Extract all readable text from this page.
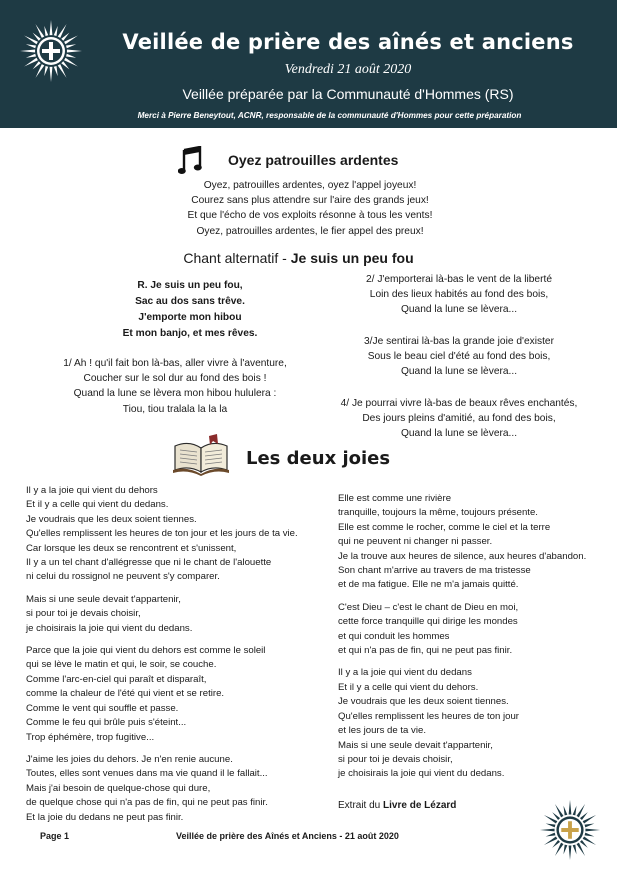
Veillée de prière des aînés et anciens
Vendredi 21 août 2020
Veillée préparée par la Communauté d'Hommes (RS)
Merci à Pierre Beneytout, ACNR, responsable de la communauté d'Hommes pour cette préparation
Oyez patrouilles ardentes
Oyez, patrouilles ardentes, oyez l'appel joyeux!
Courez sans plus attendre sur l'aire des grands jeux!
Et que l'écho de vos exploits résonne à tous les vents!
Oyez, patrouilles ardentes, le fier appel des preux!
Chant alternatif - Je suis un peu fou
R. Je suis un peu fou,
Sac au dos sans trêve.
J'emporte mon hibou
Et mon banjo, et mes rêves.
1/ Ah ! qu'il fait bon là-bas, aller vivre à l'aventure,
Coucher sur le sol dur au fond des bois !
Quand la lune se lèvera mon hibou hululera :
Tiou, tiou tralala la la la
2/ J'emporterai là-bas le vent de la liberté
Loin des lieux habités au fond des bois,
Quand la lune se lèvera...
3/Je sentirai là-bas la grande joie d'exister
Sous le beau ciel d'été au fond des bois,
Quand la lune se lèvera...
4/ Je pourrai vivre là-bas de beaux rêves enchantés,
Des jours pleins d'amitié, au fond des bois,
Quand la lune se lèvera...
Les deux joies
Il y a la joie qui vient du dehors
Et il y a celle qui vient du dedans.
Je voudrais que les deux soient tiennes.
Qu'elles remplissent les heures de ton jour et les jours de ta vie.
Car lorsque les deux se rencontrent et s'unissent,
Il y a un tel chant d'allégresse que ni le chant de l'alouette
ni celui du rossignol ne peuvent s'y comparer.
Mais si une seule devait t'appartenir,
si pour toi je devais choisir,
je choisirais la joie qui vient du dedans.
Parce que la joie qui vient du dehors est comme le soleil
qui se lève le matin et qui, le soir, se couche.
Comme l'arc-en-ciel qui paraît et disparaît,
comme la chaleur de l'été qui vient et se retire.
Comme le vent qui souffle et passe.
Comme le feu qui brûle puis s'éteint...
Trop éphémère, trop fugitive...
J'aime les joies du dehors. Je n'en renie aucune.
Toutes, elles sont venues dans ma vie quand il le fallait...
Mais j'ai besoin de quelque-chose qui dure,
de quelque chose qui n'a pas de fin, qui ne peut pas finir.
Et la joie du dedans ne peut pas finir.
Elle est comme une rivière
tranquille, toujours la même, toujours présente.
Elle est comme le rocher, comme le ciel et la terre
qui ne peuvent ni changer ni passer.
Je la trouve aux heures de silence, aux heures d'abandon.
Son chant m'arrive au travers de ma tristesse
et de ma fatigue. Elle ne m'a jamais quitté.
C'est Dieu – c'est le chant de Dieu en moi,
cette force tranquille qui dirige les mondes
et qui conduit les hommes
et qui n'a pas de fin, qui ne peut pas finir.
Il y a la joie qui vient du dedans
Et il y a celle qui vient du dehors.
Je voudrais que les deux soient tiennes.
Qu'elles remplissent les heures de ton jour
et les jours de ta vie.
Mais si une seule devait t'appartenir,
si pour toi je devais choisir,
je choisirais la joie qui vient du dedans.
Extrait du Livre de Lézard
Page 1	Veillée de prière des Aînés et Anciens - 21 août 2020
